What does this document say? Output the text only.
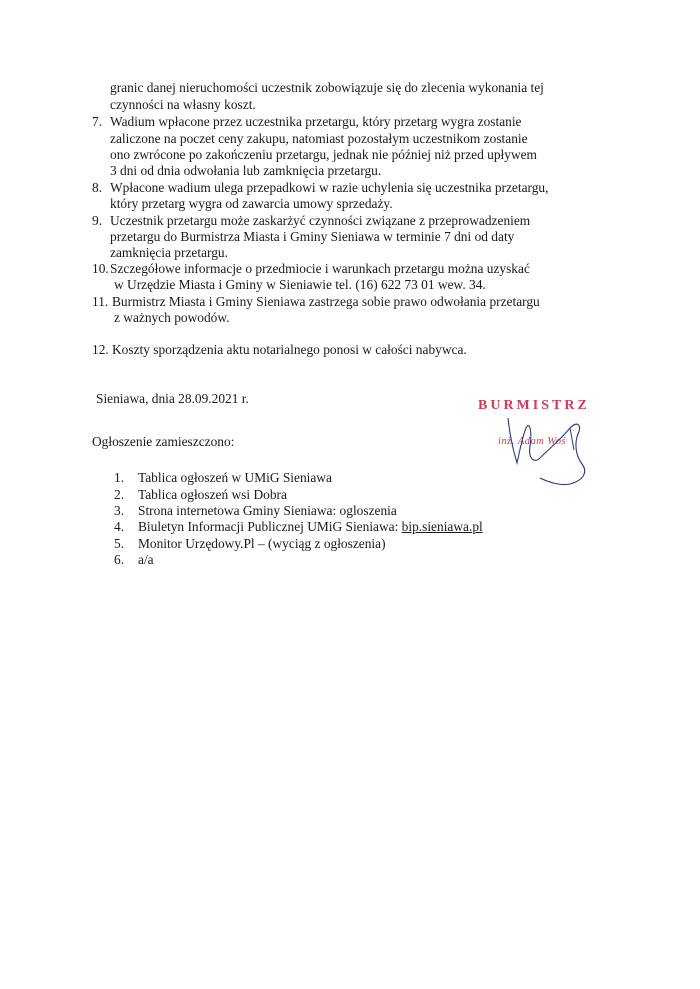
granic danej nieruchomości uczestnik zobowiązuje się do zlecenia wykonania tej
czynności na własny koszt.
7. Wadium wpłacone przez uczestnika przetargu, który przetarg wygra zostanie
zaliczone na poczet ceny zakupu, natomiast pozostałym uczestnikom zostanie
ono zwrócone po zakończeniu przetargu, jednak nie później niż przed upływem
3 dni od dnia odwołania lub zamknięcia przetargu.
8. Wpłacone wadium ulega przepadkowi w razie uchylenia się uczestnika przetargu,
który przetarg wygra od zawarcia umowy sprzedaży.
9. Uczestnik przetargu może zaskarżyć czynności związane z przeprowadzeniem
przetargu do Burmistrza Miasta i Gminy Sieniawa w terminie 7 dni od daty
zamknięcia przetargu.
10. Szczegółowe informacje o przedmiocie i warunkach przetargu można uzyskać
w Urzędzie Miasta i Gminy w Sieniawie tel. (16) 622 73 01 wew. 34.
11. Burmistrz Miasta i Gminy Sieniawa zastrzega sobie prawo odwołania przetargu
z ważnych powodów.
12. Koszty sporządzenia aktu notarialnego ponosi w całości nabywca.
Sieniawa, dnia 28.09.2021 r.	BURMISTRZ
inż. Adam Woś
Ogłoszenie zamieszczono:
1. Tablica ogłoszeń w UMiG Sieniawa
2. Tablica ogłoszeń wsi Dobra
3. Strona internetowa Gminy Sieniawa: ogloszenia
4. Biuletyn Informacji Publicznej UMiG Sieniawa: bip.sieniawa.pl
5. Monitor Urzędowy.Pl – (wyciąg z ogłoszenia)
6. a/a
